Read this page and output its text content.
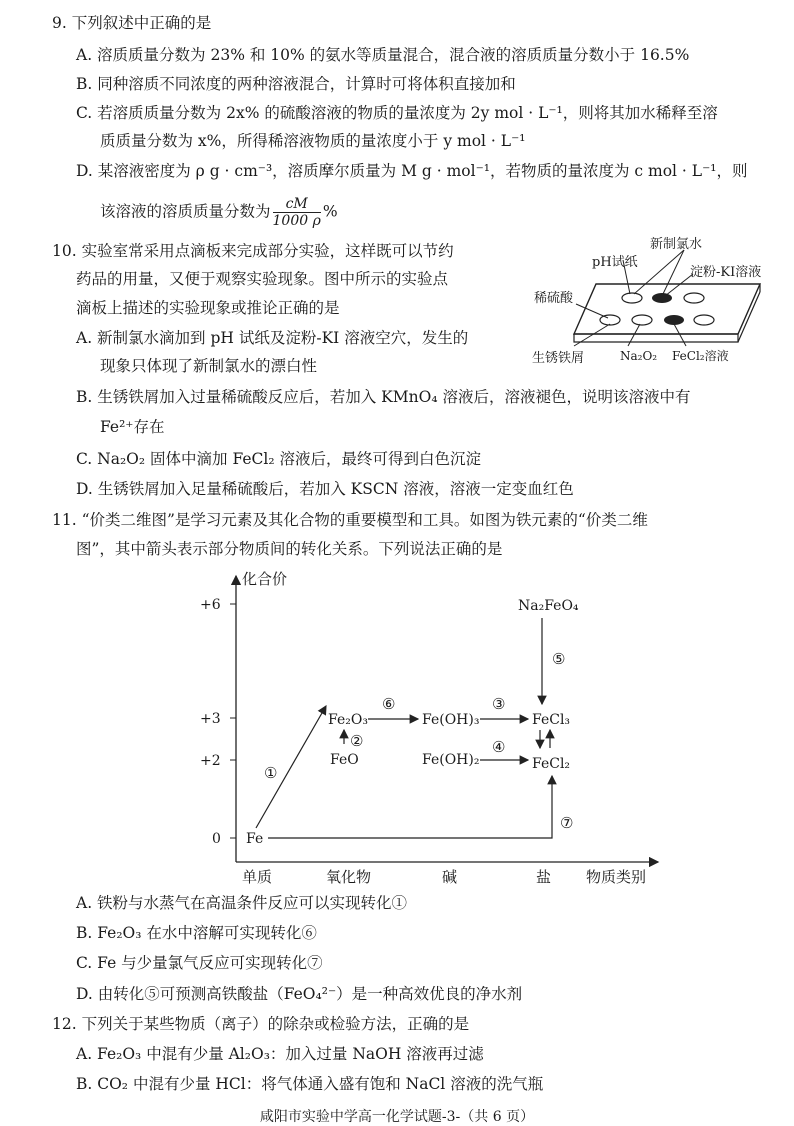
9. 下列叙述中正确的是
A. 溶质质量分数为 23% 和 10% 的氨水等质量混合，混合液的溶质质量分数小于 16.5%
B. 同种溶质不同浓度的两种溶液混合，计算时可将体积直接加和
C. 若溶质质量分数为 2x% 的硫酸溶液的物质的量浓度为 2y mol · L⁻¹，则将其加水稀释至溶
质质量分数为 x%，所得稀溶液物质的量浓度小于 y mol · L⁻¹
D. 某溶液密度为 ρ g · cm⁻³，溶质摩尔质量为 M g · mol⁻¹，若物质的量浓度为 c mol · L⁻¹，则
该溶液的溶质质量分数为 $\frac{cM}{1000 \rho}$ %
10. 实验室常采用点滴板来完成部分实验，这样既可以节约
药品的用量，又便于观察实验现象。图中所示的实验点
滴板上描述的实验现象或推论正确的是
A. 新制氯水滴加到 pH 试纸及淀粉-KI 溶液空穴，发生的
现象只体现了新制氯水的漂白性
B. 生锈铁屑加入过量稀硫酸反应后，若加入 KMnO₄ 溶液后，溶液褪色，说明该溶液中有
Fe²⁺存在
C. Na₂O₂ 固体中滴加 FeCl₂ 溶液后，最终可得到白色沉淀
D. 生锈铁屑加入足量稀硫酸后，若加入 KSCN 溶液，溶液一定变血红色
pH试纸
新制氯水
淀粉-KI溶液
稀硫酸
生锈铁屑	Na₂O₂ FeCl₂溶液
11. “价类二维图”是学习元素及其化合物的重要模型和工具。如图为铁元素的“价类二维
图”，其中箭头表示部分物质间的转化关系。下列说法正确的是
化合价
物质类别
+6
+3
+2
0
单质	氧化物	碱	盐
Fe
Fe₂O₃
FeO
Fe(OH)₃
Fe(OH)₂
FeCl₃
FeCl₂
Na₂FeO₄
①
②
⑥	③
④
⑤
⑦
A. 铁粉与水蒸气在高温条件反应可以实现转化①
B. Fe₂O₃ 在水中溶解可实现转化⑥
C. Fe 与少量氯气反应可实现转化⑦
D. 由转化⑤可预测高铁酸盐（FeO₄²⁻）是一种高效优良的净水剂
12. 下列关于某些物质（离子）的除杂或检验方法，正确的是
A. Fe₂O₃ 中混有少量 Al₂O₃：加入过量 NaOH 溶液再过滤
B. CO₂ 中混有少量 HCl：将气体通入盛有饱和 NaCl 溶液的洗气瓶
咸阳市实验中学高一化学试题-3-（共 6 页）
